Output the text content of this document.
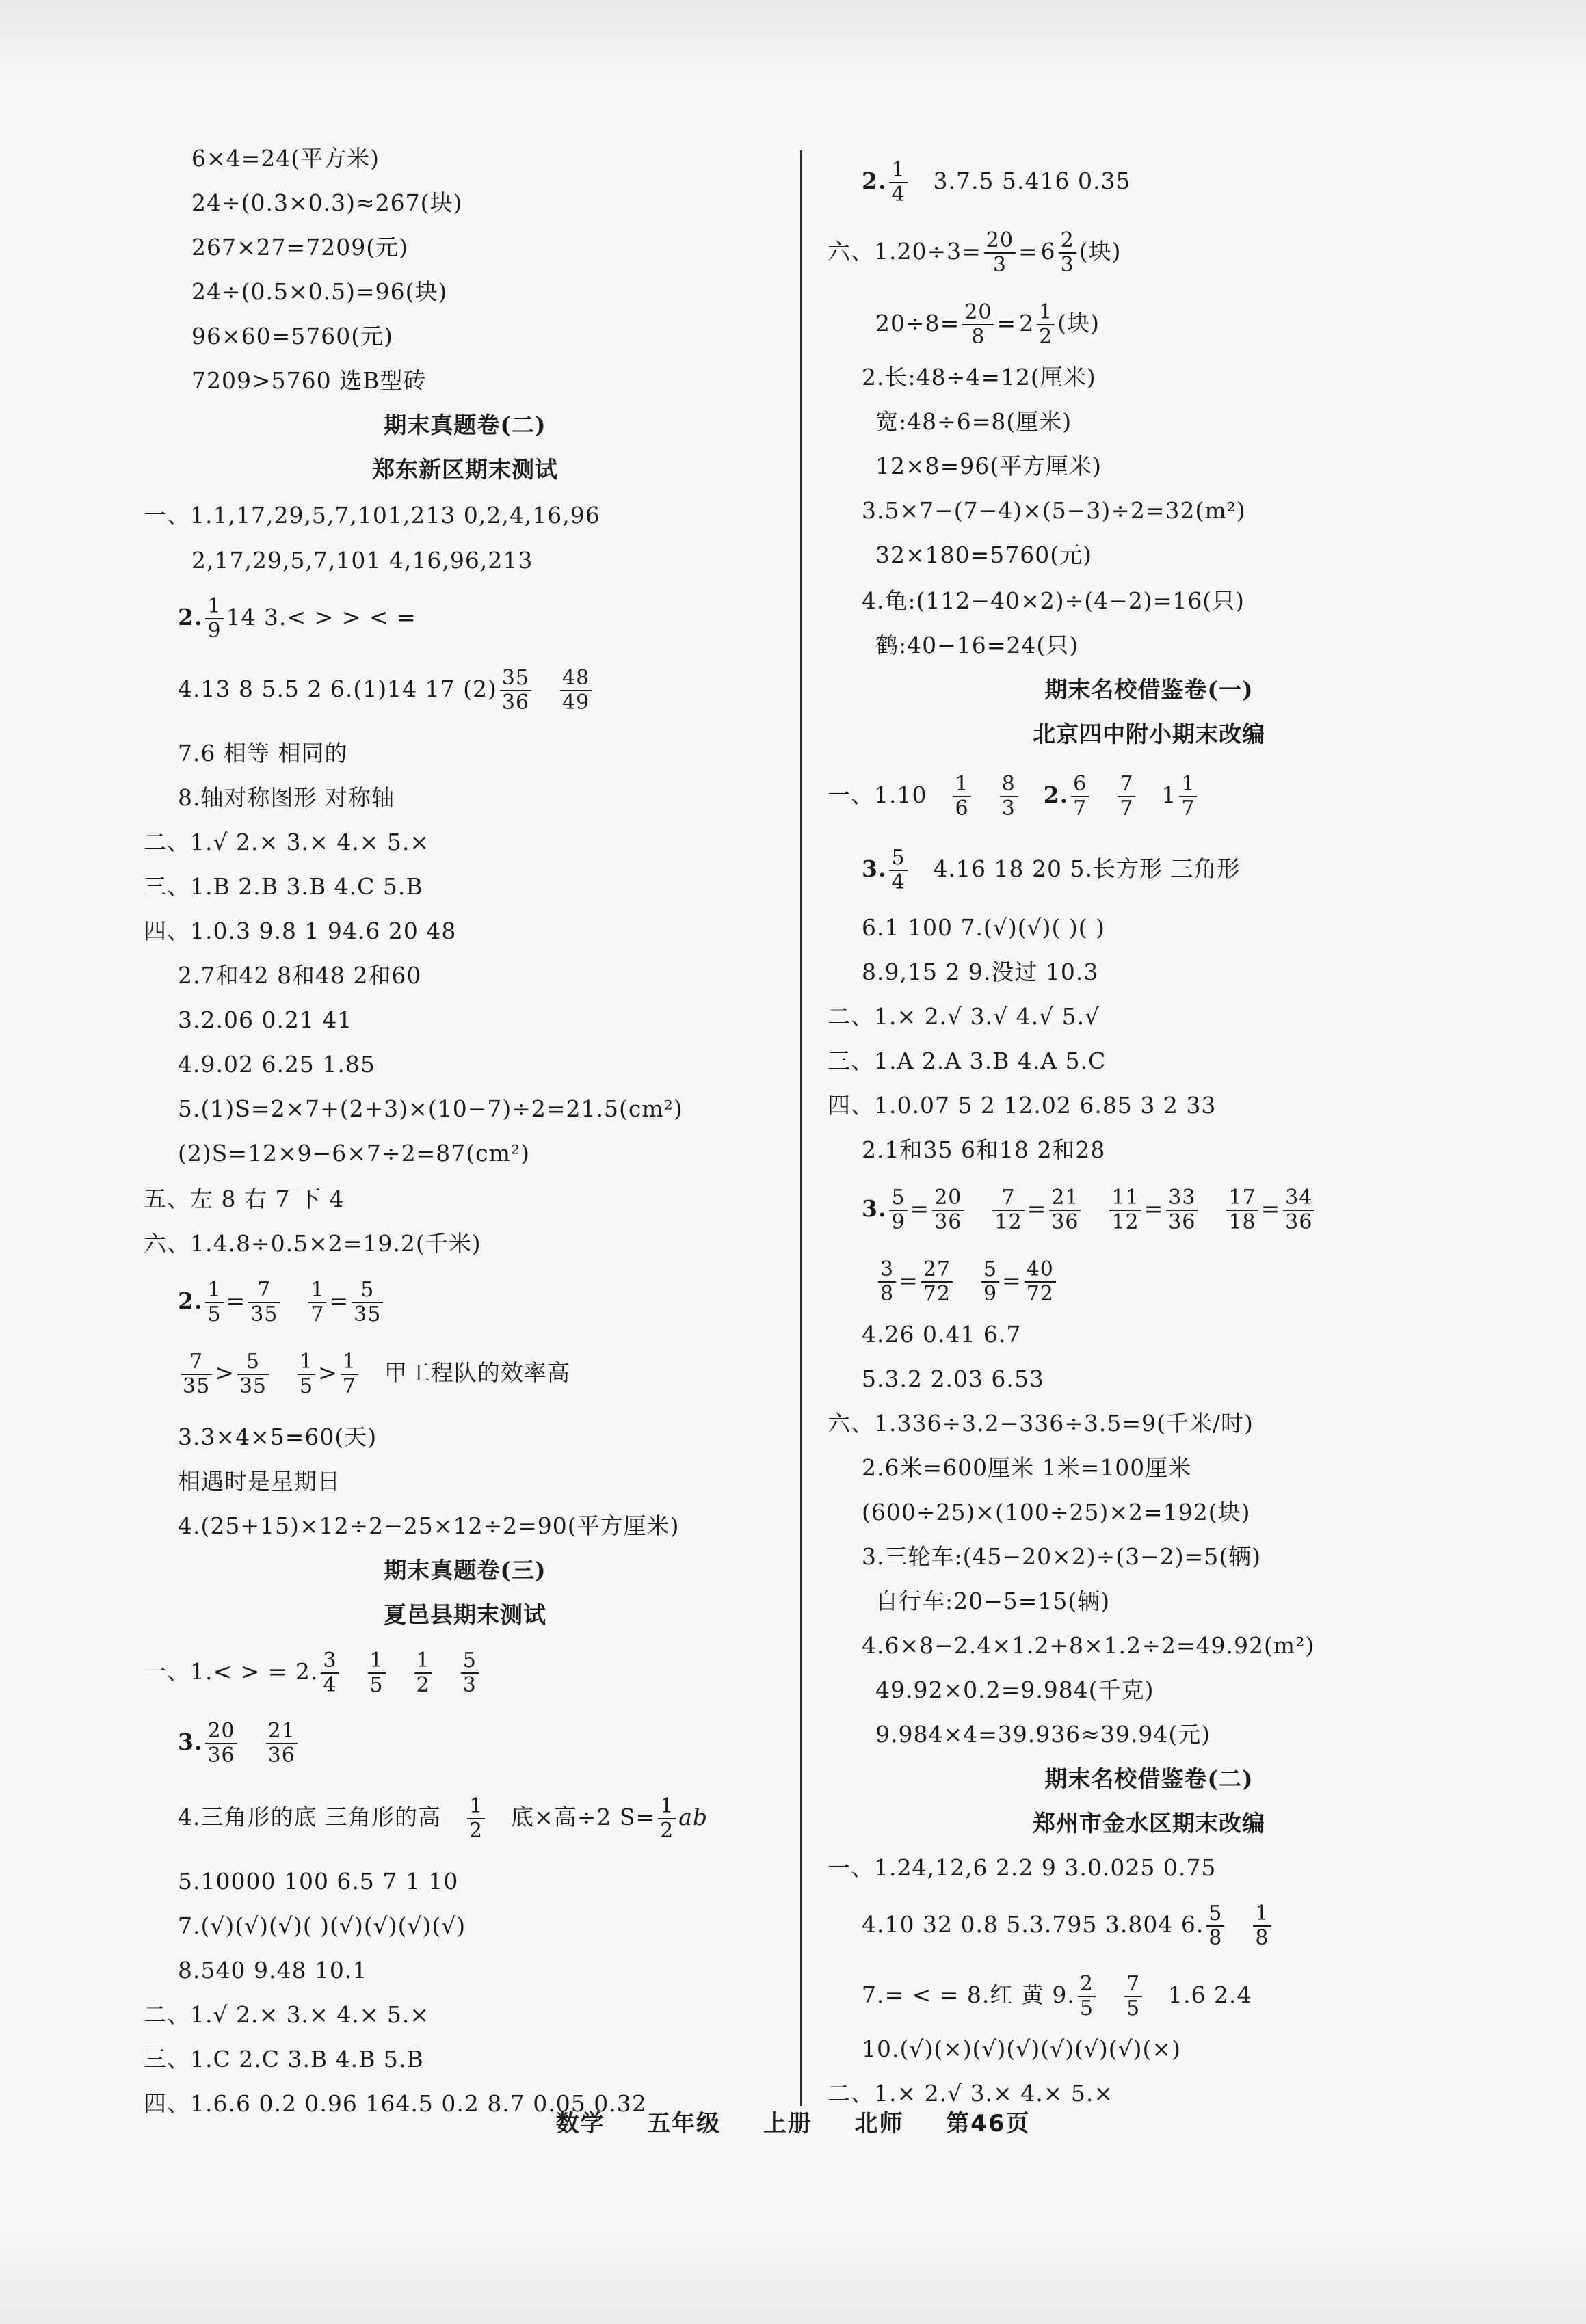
6×4=24(平方米)
24÷(0.3×0.3)≈267(块)
267×27=7209(元)
24÷(0.5×0.5)=96(块)
96×60=5760(元)
7209>5760 选B型砖
期末真题卷(二)
郑东新区期末测试
一、1.1,17,29,5,7,101,213 0,2,4,16,96
2,17,29,5,7,101 4,16,96,213
2. $\frac{1}{9} 14$ 3.< > > < =
4.13 8 5.5 2 6.(1)14 17 $(2) \frac{35}{36} \frac{48}{49}$
7.6 相等 相同的
8.轴对称图形 对称轴
二、1.√ 2.× 3.× 4.× 5.×
三、1.B 2.B 3.B 4.C 5.B
四、1.0.3 9.8 1 94.6 20 48
2.7和42 8和48 2和60
3.2.06 0.21 41
4.9.02 6.25 1.85
5.(1)S=2×7+(2+3)×(10−7)÷2=21.5(cm²)
(2)S=12×9−6×7÷2=87(cm²)
五、左 8 右 7 下 4
六、1.4.8÷0.5×2=19.2(千米)
2. $\frac{1}{5} = \frac{7}{35} \frac{1}{7} = \frac{5}{35}$
$\frac{7}{35} > \frac{5}{35} \frac{1}{5} > \frac{1}{7}$ 甲工程队的效率高
3.3×4×5=60(天)
相遇时是星期日
4.(25+15)×12÷2−25×12÷2=90(平方厘米)
期末真题卷(三)
夏邑县期末测试
一、1.< > = 2. $\frac{3}{4} \frac{1}{5} \frac{1}{2} \frac{5}{3}$
3. $\frac{20}{36} \frac{21}{36}$
4.三角形的底 三角形的高 $\frac{1}{2}$ 底×高÷2 $S= \frac{1}{2}$ ab
5.10000 100 6.5 7 1 10
7.(√)(√)(√)( )(√)(√)(√)(√)
8.540 9.48 10.1
二、1.√ 2.× 3.× 4.× 5.×
三、1.C 2.C 3.B 4.B 5.B
四、1.6.6 0.2 0.96 164.5 0.2 8.7 0.05 0.32
2. $\frac{1}{4} 3.7.5$ 5.416 0.35
六、$1.20\div 3= \frac{20}{3} = 6 \frac{2}{3}$ (块)
$20\div 8= \frac{20}{8} = 2 \frac{1}{2}$ (块)
2.长:48÷4=12(厘米)
宽:48÷6=8(厘米)
12×8=96(平方厘米)
3.5×7−(7−4)×(5−3)÷2=32(m²)
32×180=5760(元)
4.龟:(112−40×2)÷(4−2)=16(只)
鹤:40−16=24(只)
期末名校借鉴卷(一)
北京四中附小期末改编
一、$1.10 \frac{1}{6} \frac{8}{3} 2$. $\frac{6}{7} \frac{7}{7} 1 \frac{1}{7}$
3. $\frac{5}{4} 4.16$ 18 20 5.长方形 三角形
6.1 100 7.(√)(√)( )( )
8.9,15 2 9.没过 10.3
二、1.× 2.√ 3.√ 4.√ 5.√
三、1.A 2.A 3.B 4.A 5.C
四、1.0.07 5 2 12.02 6.85 3 2 33
2.1和35 6和18 2和28
3. $\frac{5}{9} = \frac{20}{36} \frac{7}{12} = \frac{21}{36} \frac{11}{12} = \frac{33}{36} \frac{17}{18} = \frac{34}{36}$
$\frac{3}{8} = \frac{27}{72} \frac{5}{9} = \frac{40}{72}$
4.26 0.41 6.7
5.3.2 2.03 6.53
六、1.336÷3.2−336÷3.5=9(千米/时)
2.6米=600厘米 1米=100厘米
(600÷25)×(100÷25)×2=192(块)
3.三轮车:(45−20×2)÷(3−2)=5(辆)
自行车:20−5=15(辆)
4.6×8−2.4×1.2+8×1.2÷2=49.92(m²)
49.92×0.2=9.984(千克)
9.984×4=39.936≈39.94(元)
期末名校借鉴卷(二)
郑州市金水区期末改编
一、1.24,12,6 2.2 9 3.0.025 0.75
4.10 32 0.8 5.3.795 3.804 6. $\frac{5}{8} \frac{1}{8}$
7.= < = 8.红 黄 9. $\frac{2}{5} \frac{7}{5} 1.6$ 2.4
10.(√)(×)(√)(√)(√)(√)(√)(×)
二、1.× 2.√ 3.× 4.× 5.×
数学 五年级 上册 北师 第46页
